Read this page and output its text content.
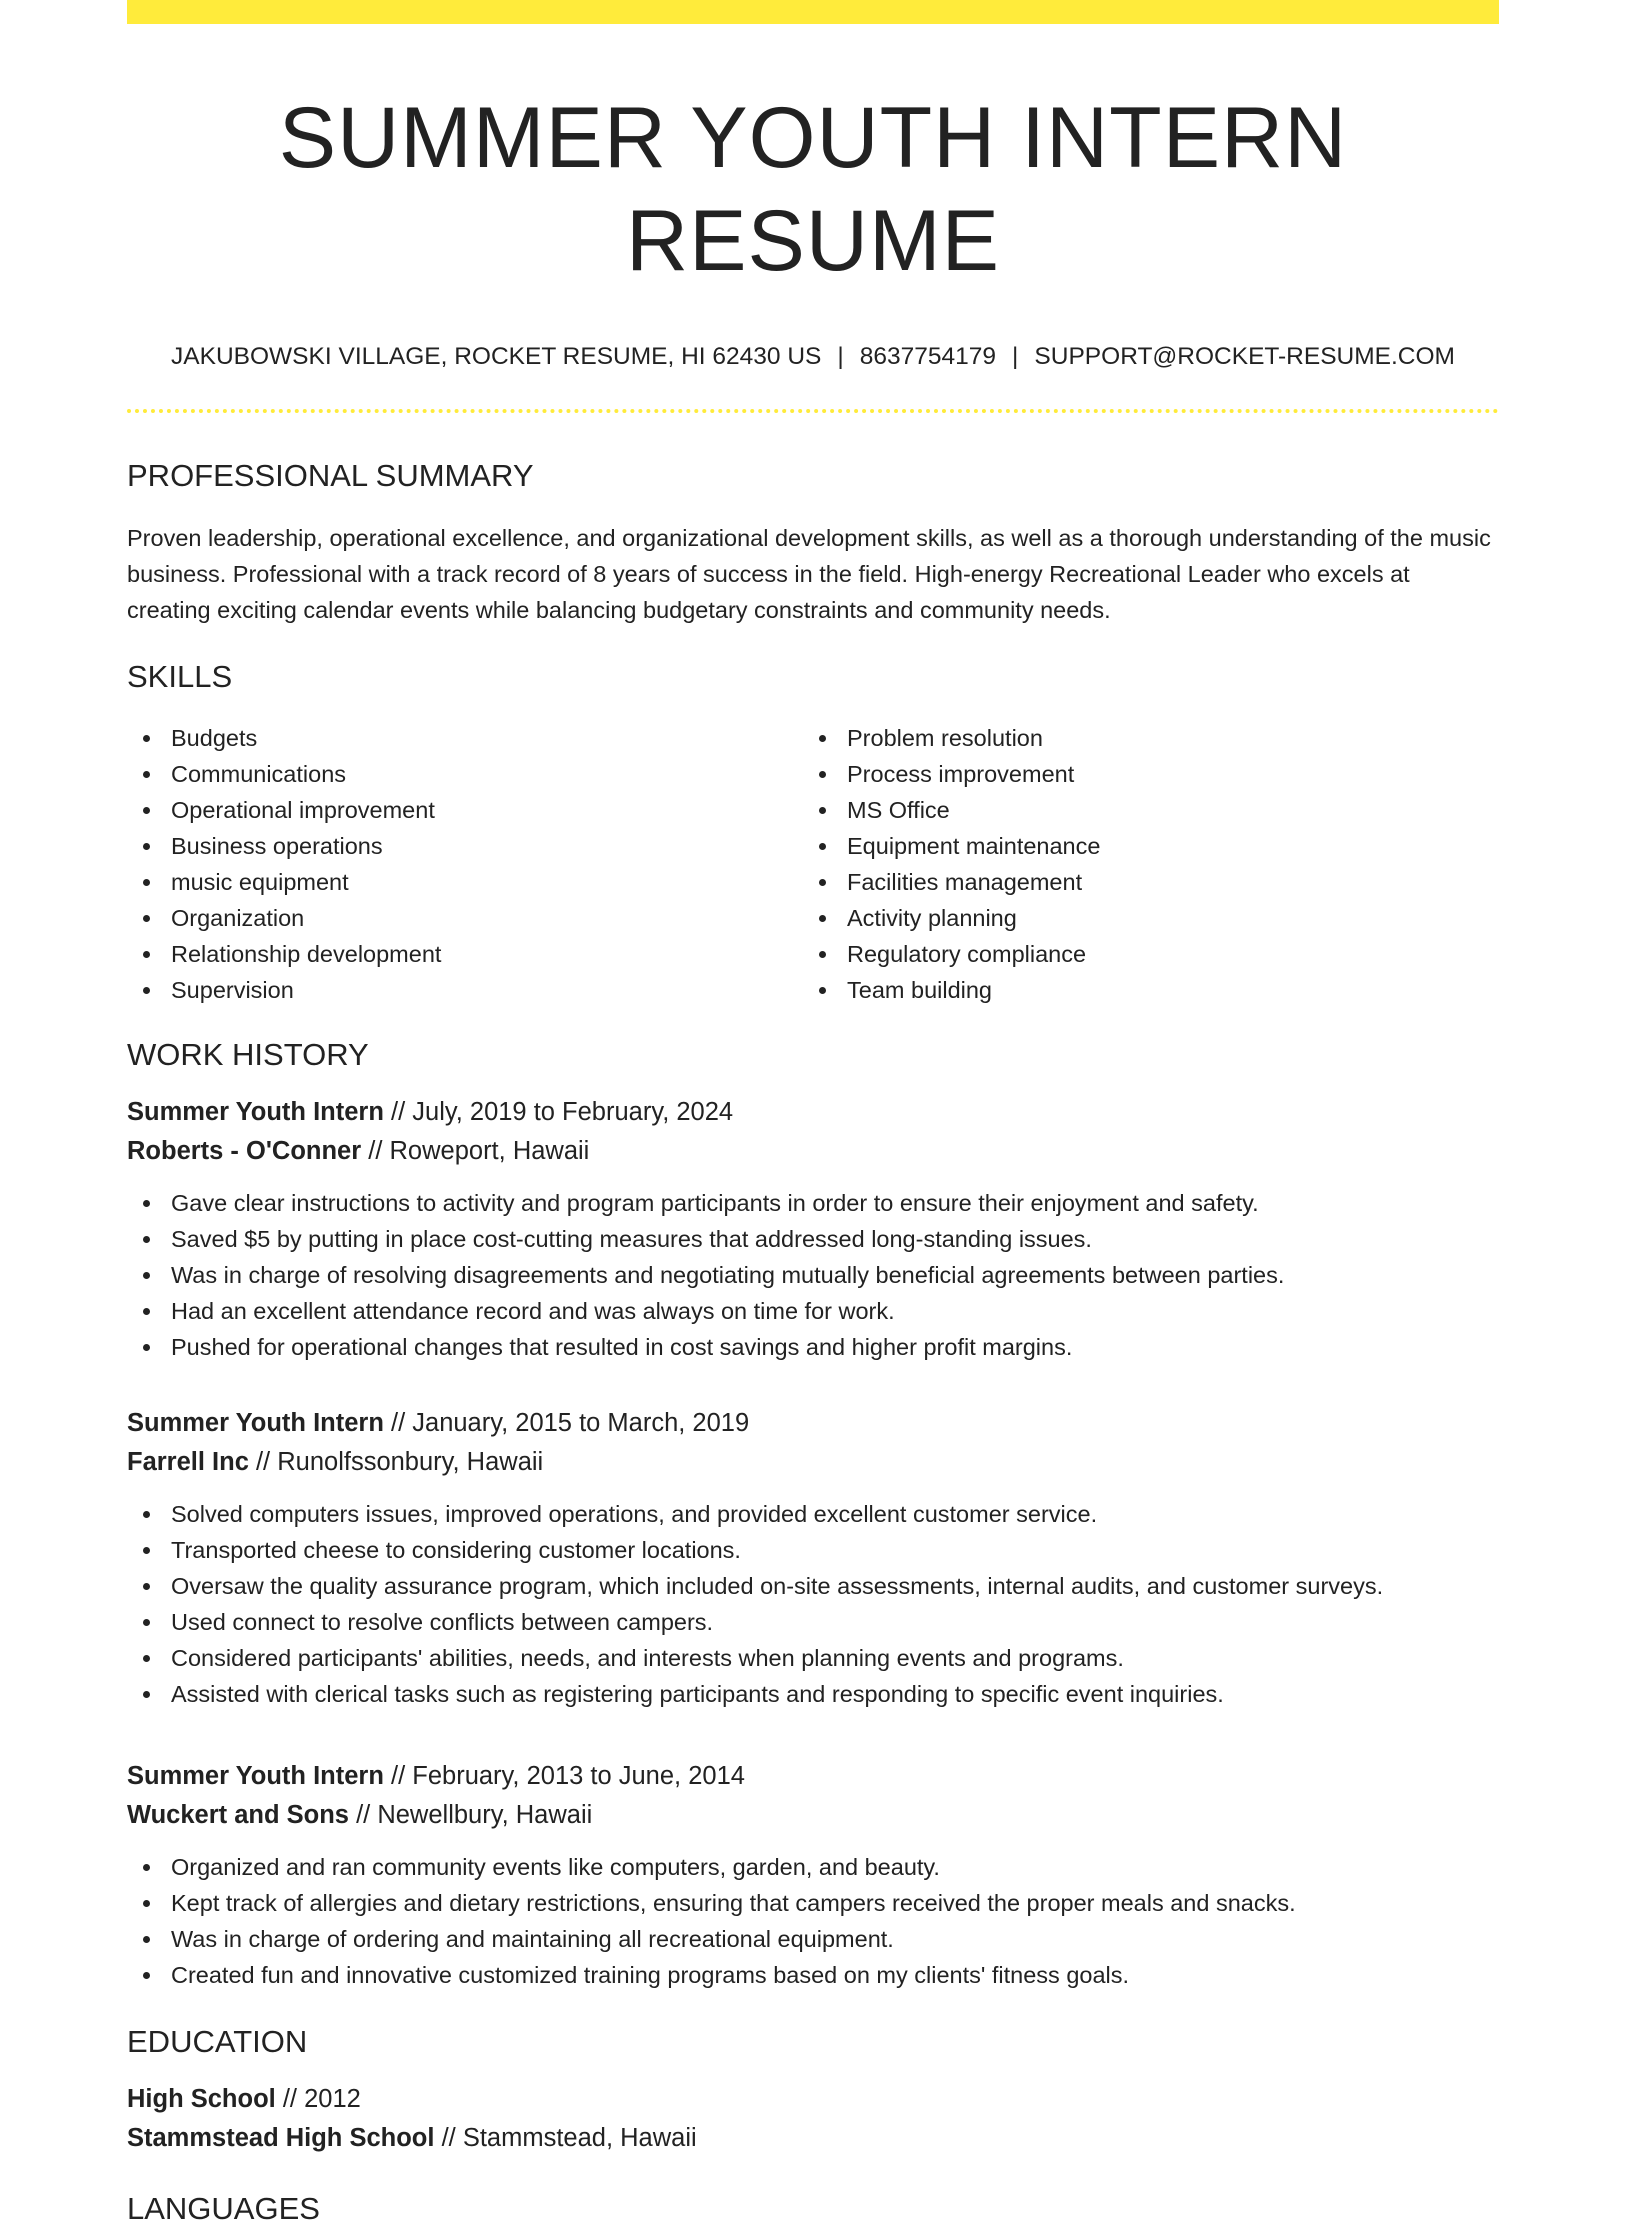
SUMMER YOUTH INTERN RESUME
JAKUBOWSKI VILLAGE, ROCKET RESUME, HI 62430 US | 8637754179 | SUPPORT@ROCKET-RESUME.COM
PROFESSIONAL SUMMARY

Proven leadership, operational excellence, and organizational development skills, as well as a thorough understanding of the music business. Professional with a track record of 8 years of success in the field. High-energy Recreational Leader who excels at creating exciting calendar events while balancing budgetary constraints and community needs.

SKILLS
Budgets
Communications
Operational improvement
Business operations
music equipment
Organization
Relationship development
Supervision
Problem resolution
Process improvement
MS Office
Equipment maintenance
Facilities management
Activity planning
Regulatory compliance
Team building
WORK HISTORY
Summer Youth Intern // July, 2019 to February, 2024
Roberts - O'Conner // Roweport, Hawaii
Gave clear instructions to activity and program participants in order to ensure their enjoyment and safety.
Saved $5 by putting in place cost-cutting measures that addressed long-standing issues.
Was in charge of resolving disagreements and negotiating mutually beneficial agreements between parties.
Had an excellent attendance record and was always on time for work.
Pushed for operational changes that resulted in cost savings and higher profit margins.
Summer Youth Intern // January, 2015 to March, 2019
Farrell Inc // Runolfssonbury, Hawaii
Solved computers issues, improved operations, and provided excellent customer service.
Transported cheese to considering customer locations.
Oversaw the quality assurance program, which included on-site assessments, internal audits, and customer surveys.
Used connect to resolve conflicts between campers.
Considered participants' abilities, needs, and interests when planning events and programs.
Assisted with clerical tasks such as registering participants and responding to specific event inquiries.
Summer Youth Intern // February, 2013 to June, 2014
Wuckert and Sons // Newellbury, Hawaii
Organized and ran community events like computers, garden, and beauty.
Kept track of allergies and dietary restrictions, ensuring that campers received the proper meals and snacks.
Was in charge of ordering and maintaining all recreational equipment.
Created fun and innovative customized training programs based on my clients' fitness goals.
EDUCATION
High School // 2012
Stammstead High School // Stammstead, Hawaii
LANGUAGES
